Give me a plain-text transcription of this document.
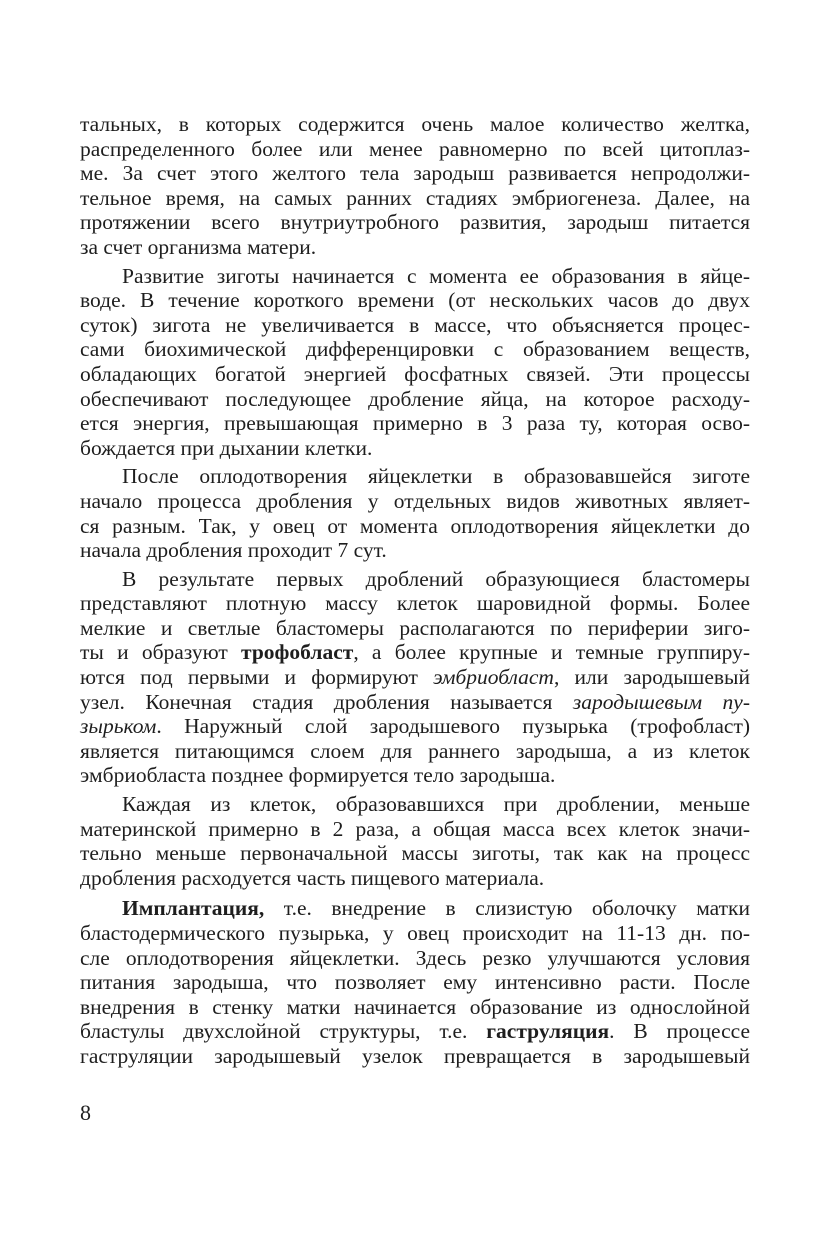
тальных, в которых содержится очень малое количество желтка,
распределенного более или менее равномерно по всей цитоплаз-
ме. За счет этого желтого тела зародыш развивается непродолжи-
тельное время, на самых ранних стадиях эмбриогенеза. Далее, на
протяжении всего внутриутробного развития, зародыш питается
за счет организма матери.
Развитие зиготы начинается с момента ее образования в яйце-
воде. В течение короткого времени (от нескольких часов до двух
суток) зигота не увеличивается в массе, что объясняется процес-
сами биохимической дифференцировки с образованием веществ,
обладающих богатой энергией фосфатных связей. Эти процессы
обеспечивают последующее дробление яйца, на которое расходу-
ется энергия, превышающая примерно в 3 раза ту, которая осво-
бождается при дыхании клетки.
После оплодотворения яйцеклетки в образовавшейся зиготе
начало процесса дробления у отдельных видов животных являет-
ся разным. Так, у овец от момента оплодотворения яйцеклетки до
начала дробления проходит 7 сут.
В результате первых дроблений образующиеся бластомеры
представляют плотную массу клеток шаровидной формы. Более
мелкие и светлые бластомеры располагаются по периферии зиго-
ты и образуют трофобласт, а более крупные и темные группиру-
ются под первыми и формируют эмбриобласт, или зародышевый
узел. Конечная стадия дробления называется зародышевым пу-
зырьком. Наружный слой зародышевого пузырька (трофобласт)
является питающимся слоем для раннего зародыша, а из клеток
эмбриобласта позднее формируется тело зародыша.
Каждая из клеток, образовавшихся при дроблении, меньше
материнской примерно в 2 раза, а общая масса всех клеток значи-
тельно меньше первоначальной массы зиготы, так как на процесс
дробления расходуется часть пищевого материала.
Имплантация, т.е. внедрение в слизистую оболочку матки
бластодермического пузырька, у овец происходит на 11-13 дн. по-
сле оплодотворения яйцеклетки. Здесь резко улучшаются условия
питания зародыша, что позволяет ему интенсивно расти. После
внедрения в стенку матки начинается образование из однослойной
бластулы двухслойной структуры, т.е. гаструляция. В процессе
гаструляции зародышевый узелок превращается в зародышевый
8
